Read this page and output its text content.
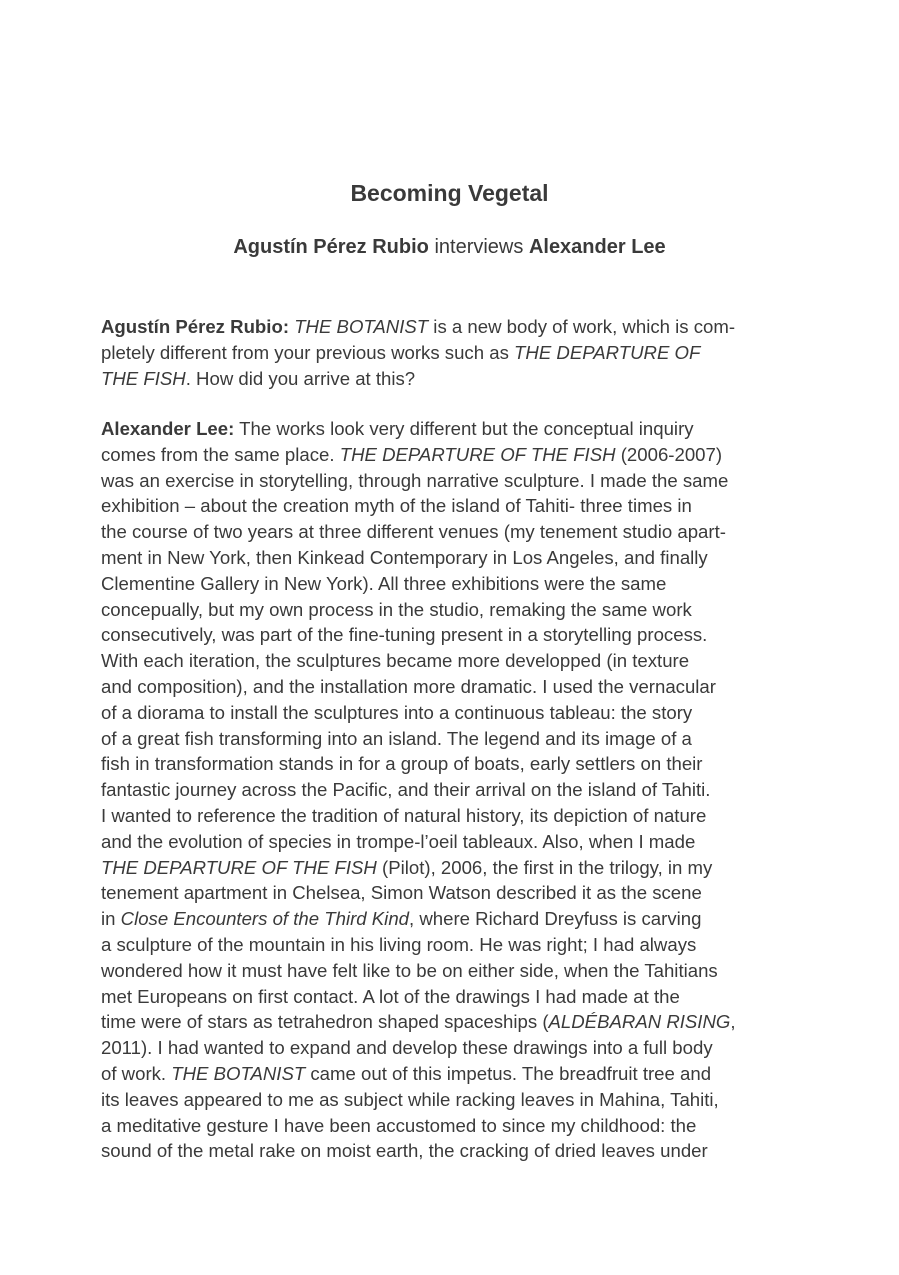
Becoming Vegetal

Agustín Pérez Rubio interviews Alexander Lee

Agustín Pérez Rubio: THE BOTANIST is a new body of work, which is com-
pletely different from your previous works such as THE DEPARTURE OF
THE FISH. How did you arrive at this?
Alexander Lee: The works look very different but the conceptual inquiry
comes from the same place. THE DEPARTURE OF THE FISH (2006-2007)
was an exercise in storytelling, through narrative sculpture. I made the same
exhibition – about the creation myth of the island of Tahiti- three times in
the course of two years at three different venues (my tenement studio apart-
ment in New York, then Kinkead Contemporary in Los Angeles, and finally
Clementine Gallery in New York). All three exhibitions were the same
concepually, but my own process in the studio, remaking the same work
consecutively, was part of the fine-tuning present in a storytelling process.
With each iteration, the sculptures became more developped (in texture
and composition), and the installation more dramatic. I used the vernacular
of a diorama to install the sculptures into a continuous tableau: the story
of a great fish transforming into an island. The legend and its image of a
fish in transformation stands in for a group of boats, early settlers on their
fantastic journey across the Pacific, and their arrival on the island of Tahiti.
I wanted to reference the tradition of natural history, its depiction of nature
and the evolution of species in trompe-l’oeil tableaux. Also, when I made
THE DEPARTURE OF THE FISH (Pilot), 2006, the first in the trilogy, in my
tenement apartment in Chelsea, Simon Watson described it as the scene
in Close Encounters of the Third Kind, where Richard Dreyfuss is carving
a sculpture of the mountain in his living room. He was right; I had always
wondered how it must have felt like to be on either side, when the Tahitians
met Europeans on first contact. A lot of the drawings I had made at the
time were of stars as tetrahedron shaped spaceships (ALDÉBARAN RISING,
2011). I had wanted to expand and develop these drawings into a full body
of work. THE BOTANIST came out of this impetus. The breadfruit tree and
its leaves appeared to me as subject while racking leaves in Mahina, Tahiti,
a meditative gesture I have been accustomed to since my childhood: the
sound of the metal rake on moist earth, the cracking of dried leaves under
